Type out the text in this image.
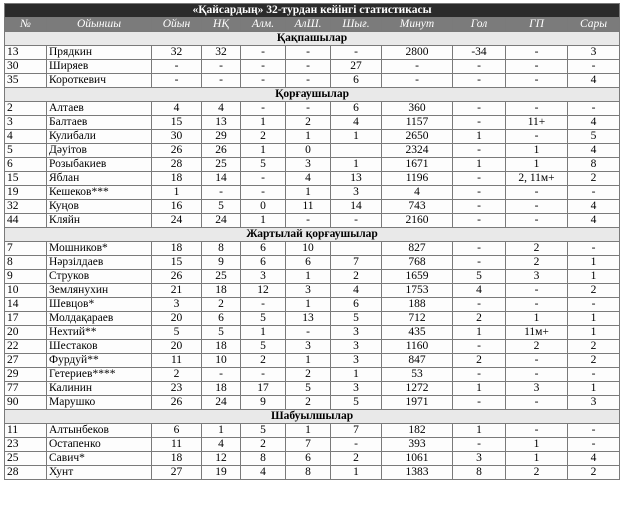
«Қайсардың» 32-турдан кейінгі статистикасы										
№	Ойыншы	Ойын	НҚ	Алм.	АлШ.	Шығ.	Минут	Гол	ГП	Сары
Қақпашылар										
13	Прядкин	32	32	-	-	-	2800	-34	-	3
30	Ширяев	-	-	-	-	27	-	-	-	-
35	Короткевич	-	-	-	-	6	-	-	-	4
Қорғаушылар										
2	Алтаев	4	4	-	-	6	360	-	-	-
3	Балтаев	15	13	1	2	4	1157	-	11+	4
4	Кулибали	30	29	2	1	1	2650	1	-	5
5	Дәуітов	26	26	1	0		2324	-	1	4
6	Розыбакиев	28	25	5	3	1	1671	1	1	8
15	Яблан	18	14	-	4	13	1196	-	2, 11м+	2
19	Кешеков***	1	-	-	1	3	4	-	-	-
32	Куңов	16	5	0	11	14	743	-	-	4
44	Кляйн	24	24	1	-	-	2160	-	-	4
Жартылай қорғаушылар										
7	Мошников*	18	8	6	10		827	-	2	-
8	Нәрзілдаев	15	9	6	6	7	768	-	2	1
9	Струков	26	25	3	1	2	1659	5	3	1
10	Землянухин	21	18	12	3	4	1753	4	-	2
14	Шевцов*	3	2	-	1	6	188	-	-	-
17	Молдақараев	20	6	5	13	5	712	2	1	1
20	Нехтий**	5	5	1	-	3	435	1	11м+	1
22	Шестаков	20	18	5	3	3	1160	-	2	2
27	Фурдуй**	11	10	2	1	3	847	2	-	2
29	Гетериев****	2	-	-	2	1	53	-	-	-
77	Калинин	23	18	17	5	3	1272	1	3	1
90	Марушко	26	24	9	2	5	1971	-	-	3
Шабуылшылар										
11	Алтынбеков	6	1	5	1	7	182	1	-	-
23	Остапенко	11	4	2	7	-	393	-	1	-
25	Савич*	18	12	8	6	2	1061	3	1	4
28	Хунт	27	19	4	8	1	1383	8	2	2
